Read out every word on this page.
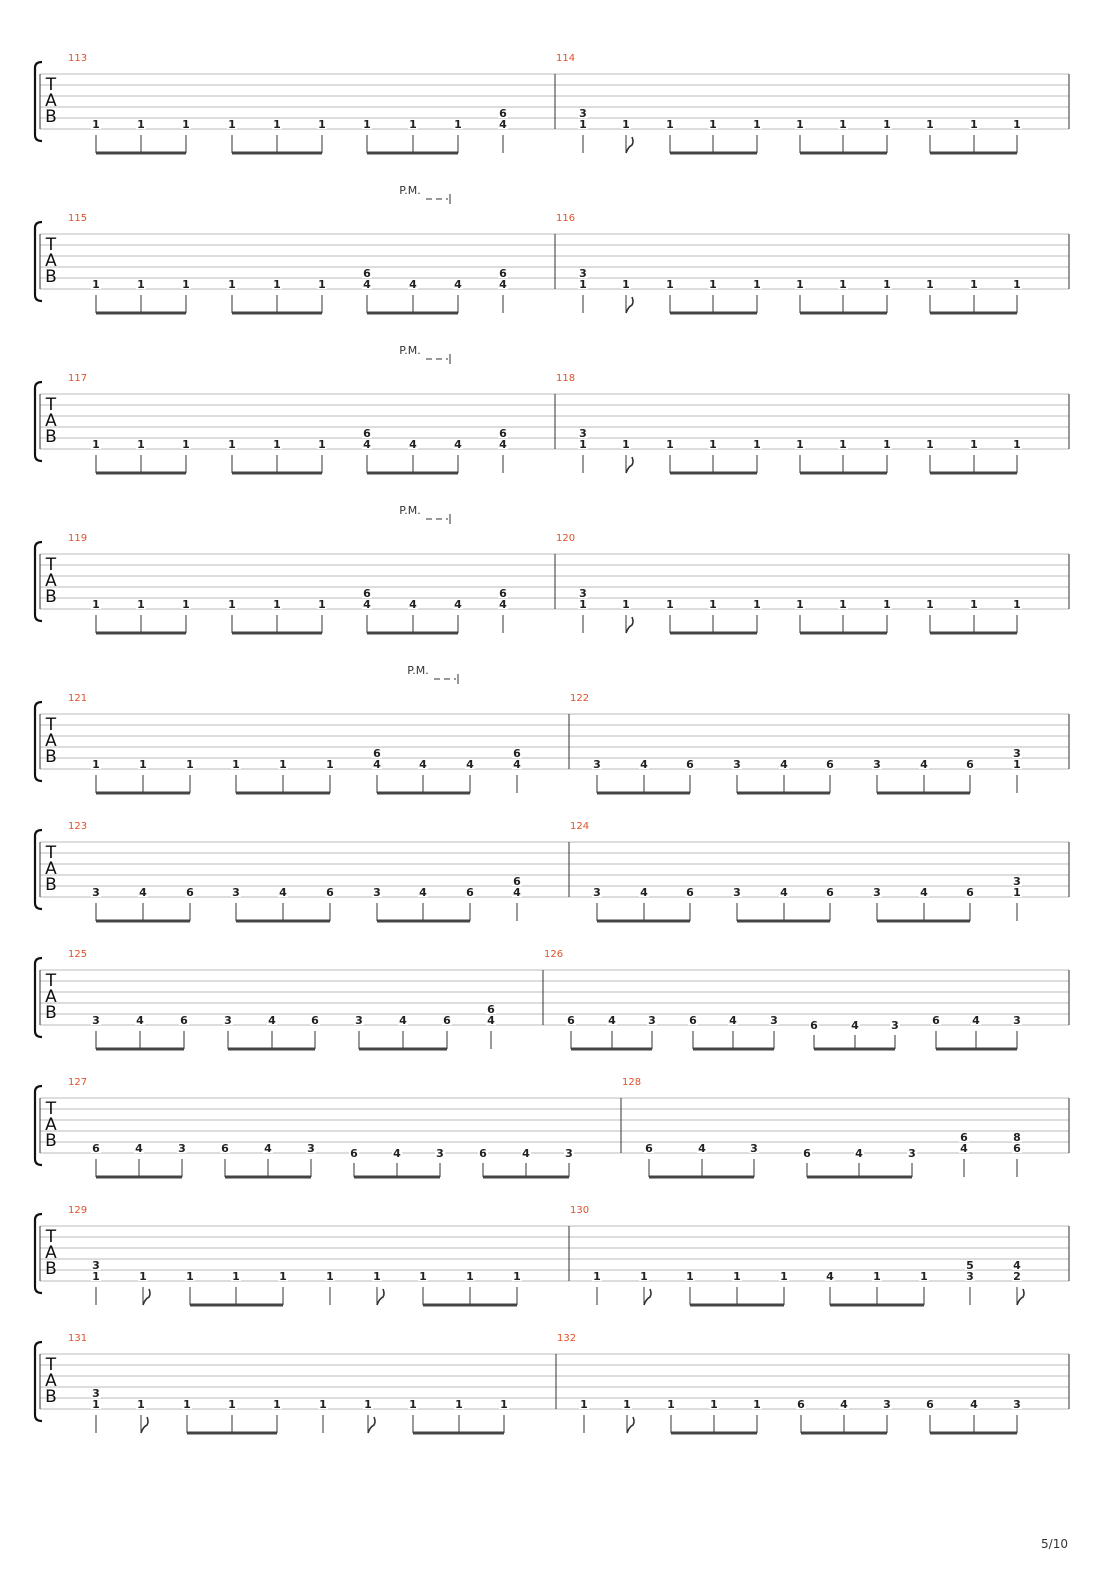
T
A
B
113
1	1	1	1	1	1	1	1	1	4
6
114
1
3
1	1	1	1	1	1	1	1	1	1
T
A
B
P.M.
115
1	1	1	1	1	1	4
6
4	4	4
6
116
1
3
1	1	1	1	1	1	1	1	1	1
T
A
B
P.M.
117
1	1	1	1	1	1	4
6
4	4	4
6
118
1
3
1	1	1	1	1	1	1	1	1	1
T
A
B
P.M.
119
1	1	1	1	1	1	4
6
4	4	4
6
120
1
3
1	1	1	1	1	1	1	1	1	1
T
A
B
P.M.
121
1	1	1	1	1	1	4
6
4	4	4
6
122
3	4	6	3	4	6	3	4	6	1
3
T
A
B
123
3	4	6	3	4	6	3	4	6	4
6
124
3	4	6	3	4	6	3	4	6	1
3
T
A
B
125
3	4	6	3	4	6	3	4	6	4
6
126
6	4	3	6	4	3	6	4	3	6	4	3
T
A
B
127
6	4	3	6	4	3	6	4	3	6	4	3
128
6	4	3	6	4	3	4
6
6
8
T
A
B
129
1
3
1	1	1	1	1	1	1	1	1
130
1	1	1	1	1	4	1	1	3
5
2
4
T
A
B
131
1
3
1	1	1	1	1	1	1	1	1
132
1	1	1	1	1	6	4	3	6	4	3
5/10
